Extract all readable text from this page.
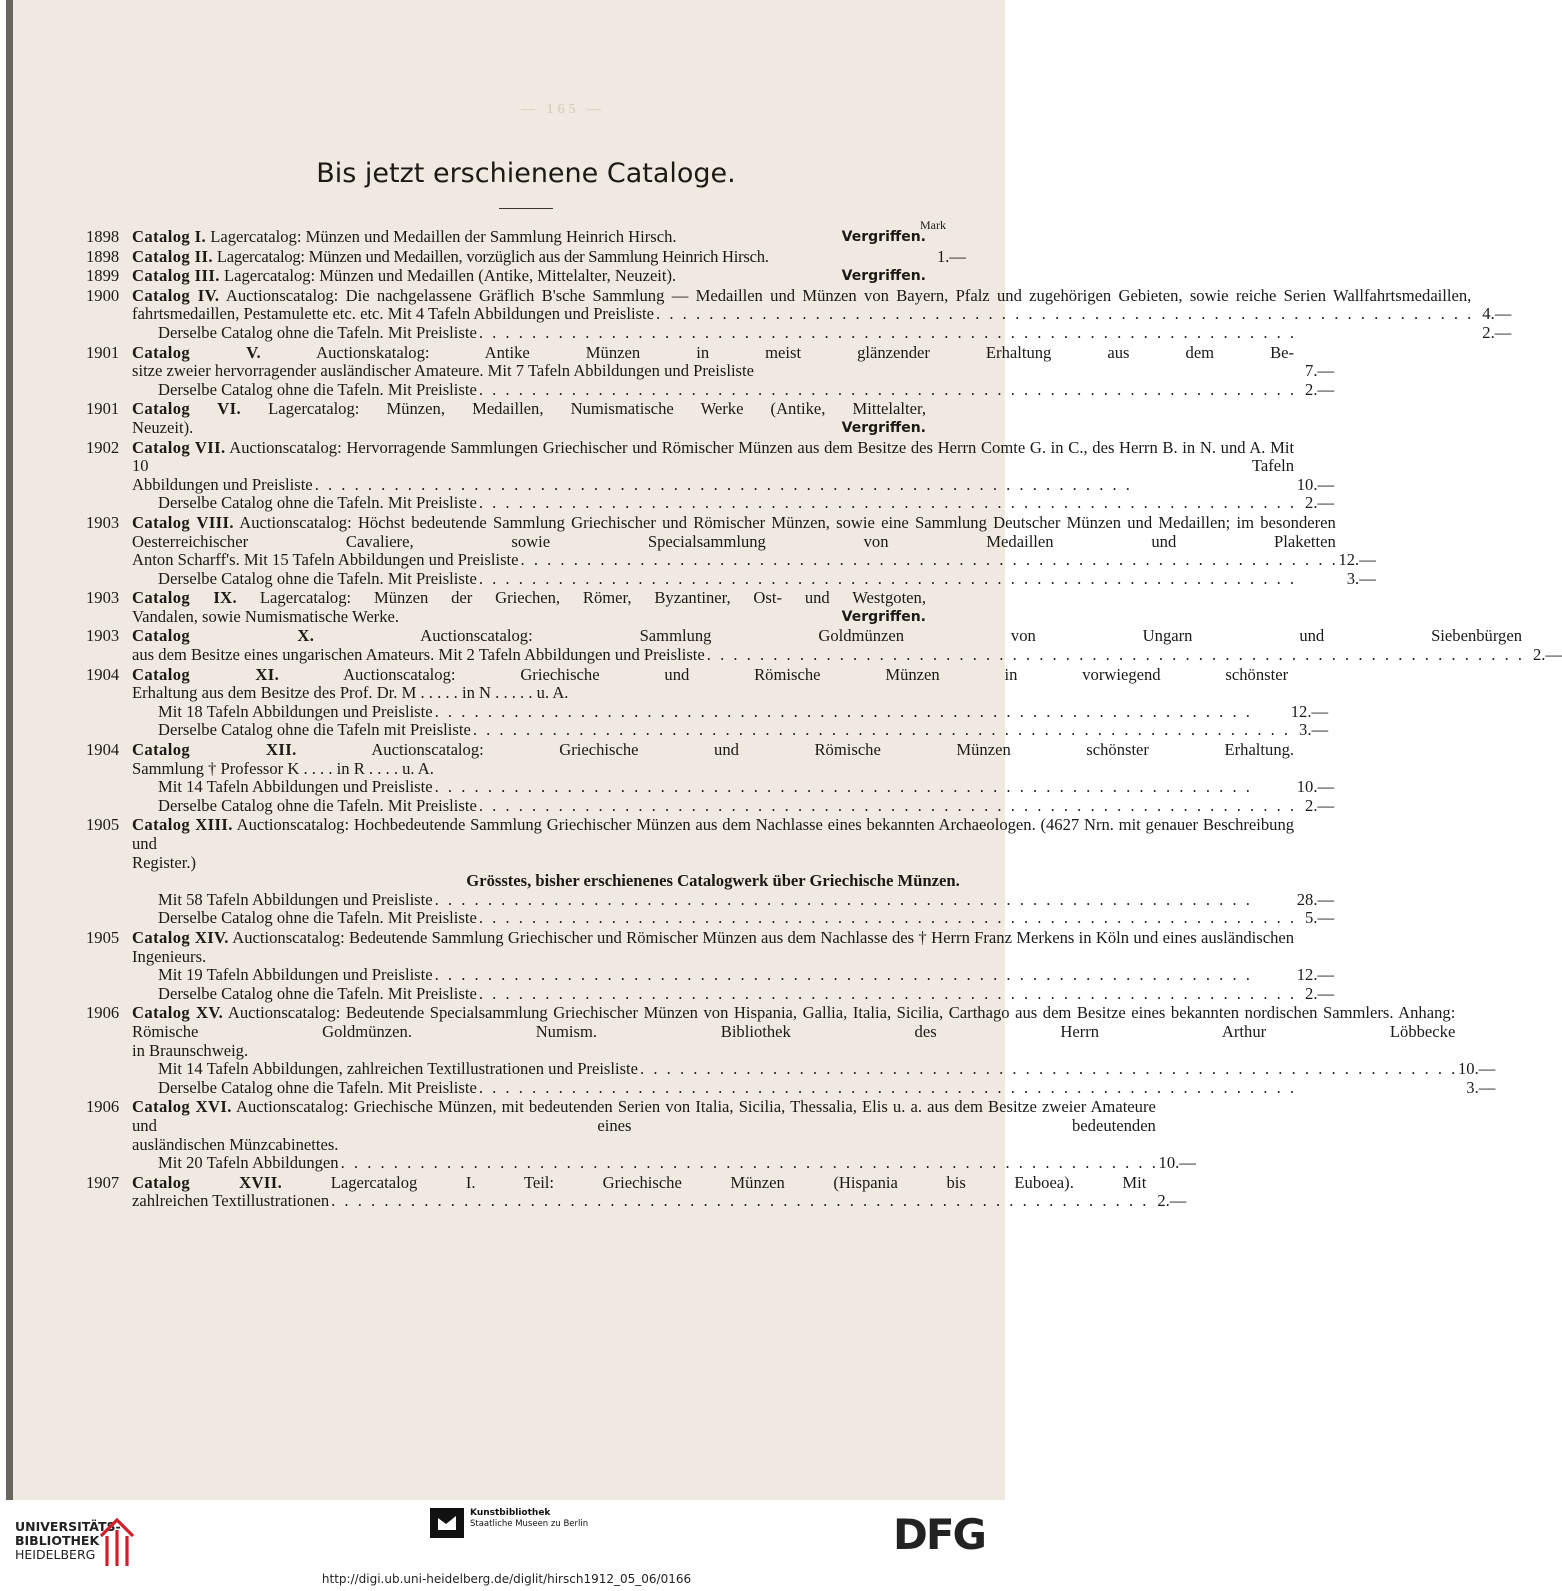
— 165 —
Bis jetzt erschienene Cataloge.
Mark
1898 Catalog I. Lagercatalog: Münzen und Medaillen der Sammlung Heinrich Hirsch.	Vergriffen.
1898 Catalog II. Lagercatalog: Münzen und Medaillen, vorzüglich aus der Sammlung Heinrich Hirsch.	1.—
1899 Catalog III. Lagercatalog: Münzen und Medaillen (Antike, Mittelalter, Neuzeit).	Vergriffen.
1900 Catalog IV. Auctionscatalog: Die nachgelassene Gräflich B'sche Sammlung — Medaillen und Münzen von Bayern, Pfalz und zugehörigen Gebieten, sowie reiche Serien Wallfahrtsmedaillen,
fahrtsmedaillen, Pestamulette etc. etc. Mit 4 Tafeln Abbildungen und Preisliste . . .	4.—
Derselbe Catalog ohne die Tafeln. Mit Preisliste . . .	2.—
1901 Catalog V.	Auctionskatalog: Antike Münzen in meist glänzender Erhaltung aus dem Be-
sitze zweier hervorragender ausländischer Amateure. Mit 7 Tafeln Abbildungen und Preisliste	7.—
Derselbe Catalog ohne die Tafeln. Mit Preisliste . . .	2.—
1901 Catalog VI. Lagercatalog: Münzen, Medaillen, Numismatische Werke (Antike, Mittelalter,
Neuzeit).	Vergriffen.
1902 Catalog VII. Auctionscatalog: Hervorragende Sammlungen Griechischer und Römischer Münzen aus dem Besitze des Herrn Comte G. in C., des Herrn B. in N. und A. Mit 10 Tafeln
Abbildungen und Preisliste . . .	10.—
Derselbe Catalog ohne die Tafeln. Mit Preisliste . . .	2.—
1903 Catalog VIII. Auctionscatalog: Höchst bedeutende Sammlung Griechischer und Römischer Münzen, sowie eine Sammlung Deutscher Münzen und Medaillen; im besonderen Oesterreichischer Cavaliere, sowie Specialsammlung von Medaillen und Plaketten
Anton Scharff's. Mit 15 Tafeln Abbildungen und Preisliste . . .	12.—
Derselbe Catalog ohne die Tafeln. Mit Preisliste . . .	3.—
1903 Catalog IX. Lagercatalog: Münzen der Griechen, Römer, Byzantiner, Ost- und Westgoten,
Vandalen, sowie Numismatische Werke.	Vergriffen.
1903 Catalog X.	Auctionscatalog: Sammlung Goldmünzen von Ungarn und Siebenbürgen
aus dem Besitze eines ungarischen Amateurs. Mit 2 Tafeln Abbildungen und Preisliste . . .	2.—
1904 Catalog XI.	Auctionscatalog: Griechische und Römische Münzen in vorwiegend schönster
Erhaltung aus dem Besitze des Prof. Dr. M . . . . . in N . . . . . u. A.
Mit 18 Tafeln Abbildungen und Preisliste . . .	12.—
Derselbe Catalog ohne die Tafeln mit Preisliste . . .	3.—
1904 Catalog XII.	Auctionscatalog: Griechische und Römische Münzen schönster Erhaltung.
Sammlung † Professor K . . . . in R . . . . u. A.
Mit 14 Tafeln Abbildungen und Preisliste . . .	10.—
Derselbe Catalog ohne die Tafeln. Mit Preisliste . . .	2.—
1905 Catalog XIII. Auctionscatalog: Hochbedeutende Sammlung Griechischer Münzen aus dem Nachlasse eines bekannten Archaeologen. (4627 Nrn. mit genauer Beschreibung und
Register.)
Grösstes, bisher erschienenes Catalogwerk über Griechische Münzen.
Mit 58 Tafeln Abbildungen und Preisliste . . .	28.—
Derselbe Catalog ohne die Tafeln. Mit Preisliste . . .	5.—
1905 Catalog XIV. Auctionscatalog: Bedeutende Sammlung Griechischer und Römischer Münzen aus dem Nachlasse des † Herrn Franz Merkens in Köln und eines ausländischen
Ingenieurs.
Mit 19 Tafeln Abbildungen und Preisliste . . .	12.—
Derselbe Catalog ohne die Tafeln. Mit Preisliste . . .	2.—
1906 Catalog XV. Auctionscatalog: Bedeutende Specialsammlung Griechischer Münzen von Hispania, Gallia, Italia, Sicilia, Carthago aus dem Besitze eines bekannten nordischen Sammlers. Anhang: Römische Goldmünzen. Numism. Bibliothek des Herrn Arthur Löbbecke
in Braunschweig.
Mit 14 Tafeln Abbildungen, zahlreichen Textillustrationen und Preisliste . . .	10.—
Derselbe Catalog ohne die Tafeln. Mit Preisliste . . .	3.—
1906 Catalog XVI. Auctionscatalog: Griechische Münzen, mit bedeutenden Serien von Italia, Sicilia, Thessalia, Elis u. a. aus dem Besitze zweier Amateure und eines bedeutenden
ausländischen Münzcabinettes.
Mit 20 Tafeln Abbildungen . . .	10.—
1907 Catalog XVII.	Lagercatalog I. Teil: Griechische Münzen (Hispania bis Euboea). Mit
zahlreichen Textillustrationen . . .	2.—
UNIVERSITÄTS-
BIBLIOTHEK
HEIDELBERG
Kunstbibliothek
Staatliche Museen zu Berlin	DFG
http://digi.ub.uni-heidelberg.de/diglit/hirsch1912_05_06/0166
